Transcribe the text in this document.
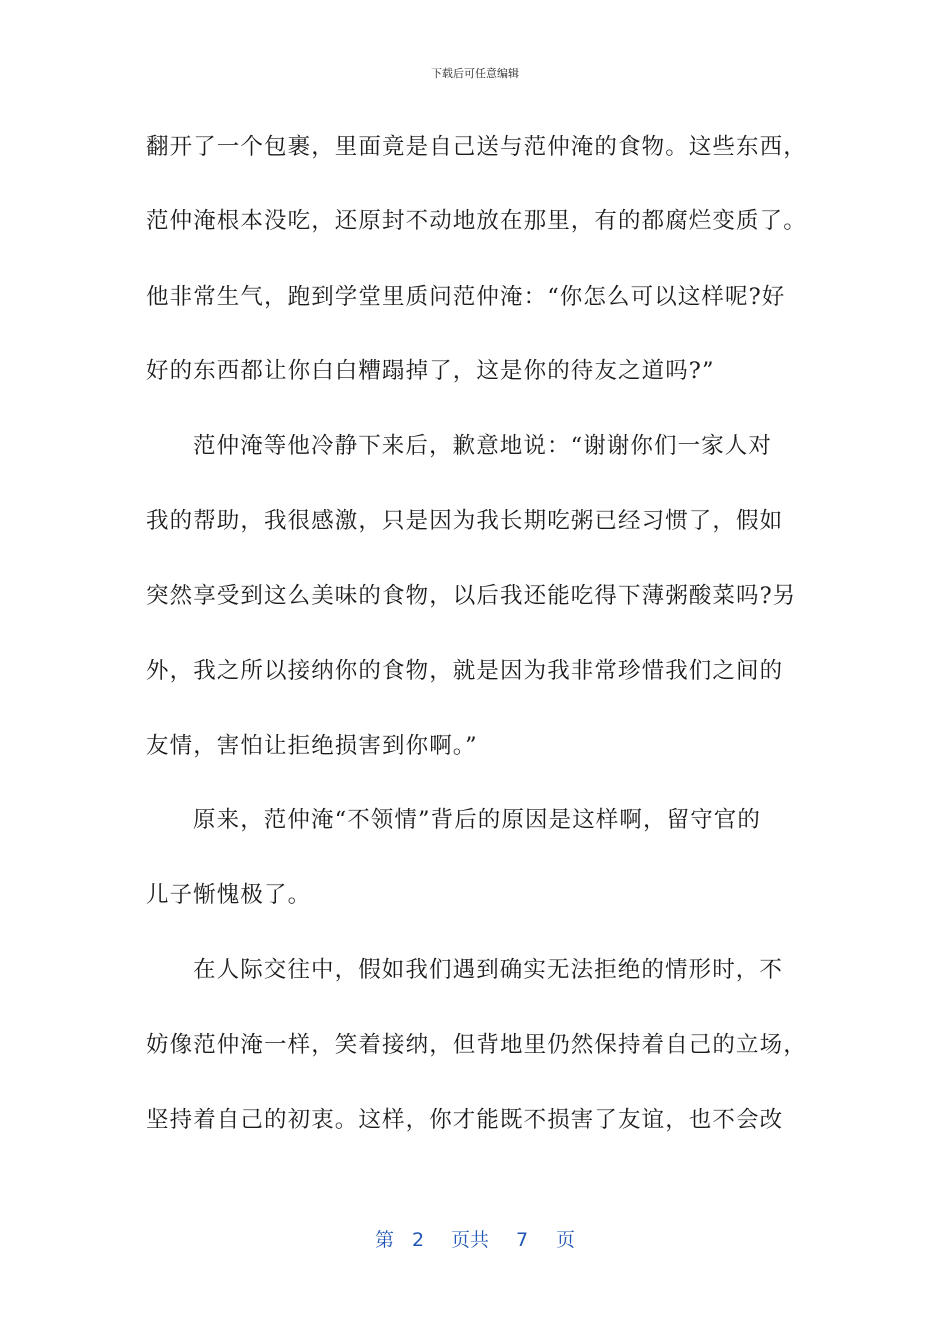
下载后可任意编辑
翻开了一个包裹，里面竟是自己送与范仲淹的食物。这些东西，
范仲淹根本没吃，还原封不动地放在那里，有的都腐烂变质了。
他非常生气，跑到学堂里质问范仲淹：“你怎么可以这样呢?好
好的东西都让你白白糟蹋掉了，这是你的待友之道吗?”
范仲淹等他冷静下来后，歉意地说：“谢谢你们一家人对
我的帮助，我很感激，只是因为我长期吃粥已经习惯了，假如
突然享受到这么美味的食物，以后我还能吃得下薄粥酸菜吗?另
外，我之所以接纳你的食物，就是因为我非常珍惜我们之间的
友情，害怕让拒绝损害到你啊。”
原来，范仲淹“不领情”背后的原因是这样啊，留守官的
儿子惭愧极了。
在人际交往中，假如我们遇到确实无法拒绝的情形时，不
妨像范仲淹一样，笑着接纳，但背地里仍然保持着自己的立场，
坚持着自己的初衷。这样，你才能既不损害了友谊，也不会改
第 2 页共 7 页
